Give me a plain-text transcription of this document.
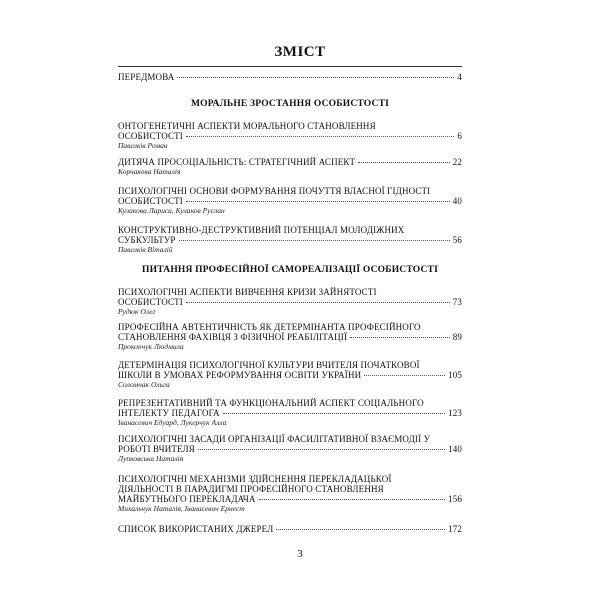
ЗМІСТ
ПЕРЕДМОВА	4
МОРАЛЬНЕ ЗРОСТАННЯ ОСОБИСТОСТІ
ОНТОГЕНЕТИЧНІ АСПЕКТИ МОРАЛЬНОГО СТАНОВЛЕННЯ
ОСОБИСТОСТІ	6
Павелків Роман
ДИТЯЧА ПРОСОЦІАЛЬНІСТЬ: СТРАТЕГІЧНИЙ АСПЕКТ	22
Корчакова Наталія
ПСИХОЛОГІЧНІ ОСНОВИ ФОРМУВАННЯ ПОЧУТТЯ ВЛАСНОЇ ГІДНОСТІ
ОСОБИСТОСТІ	40
Кулакова Лариса, Кулаков Руслан
КОНСТРУКТИВНО-ДЕСТРУКТИВНИЙ ПОТЕНЦІАЛ МОЛОДІЖНИХ
СУБКУЛЬТУР	56
Павелків Віталій
ПИТАННЯ ПРОФЕСІЙНОЇ САМОРЕАЛІЗАЦІЇ ОСОБИСТОСТІ
ПСИХОЛОГІЧНІ АСПЕКТИ ВИВЧЕННЯ КРИЗИ ЗАЙНЯТОСТІ
ОСОБИСТОСТІ	73
Рудюк Олег
ПРОФЕСІЙНА АВТЕНТИЧНІСТЬ ЯК ДЕТЕРМІНАНТА ПРОФЕСІЙНОГО
СТАНОВЛЕННЯ ФАХІВЦЯ З ФІЗИЧНОЇ РЕАБІЛІТАЦІЇ	89
Прокопчук Людмила
ДЕТЕРМІНАЦІЯ ПСИХОЛОГІЧНОЇ КУЛЬТУРИ ВЧИТЕЛЯ ПОЧАТКОВОЇ
ШКОЛИ В УМОВАХ РЕФОРМУВАННЯ ОСВІТИ УКРАЇНИ	105
Соломчак Ольга
РЕПРЕЗЕНТАТИВНИЙ ТА ФУНКЦІОНАЛЬНИЙ АСПЕКТ СОЦІАЛЬНОГО
ІНТЕЛЕКТУ ПЕДАГОГА	123
Іванасевич Едуард, Лукерчук Алла
ПСИХОЛОГІЧНІ ЗАСАДИ ОРГАНІЗАЦІЇ ФАСИЛІТАТИВНОЇ ВЗАЄМОДІЇ У
РОБОТІ ВЧИТЕЛЯ	140
Лупковська Наталія
ПСИХОЛОГІЧНІ МЕХАНІЗМИ ЗДІЙСНЕННЯ ПЕРЕКЛАДАЦЬКОЇ
ДІЯЛЬНОСТІ В ПАРАДИГМІ ПРОФЕСІЙНОГО СТАНОВЛЕННЯ
МАЙБУТНЬОГО ПЕРЕКЛАДАЧА	156
Михальчук Наталія, Іванасевич Ернест
СПИСОК ВИКОРИСТАНИХ ДЖЕРЕЛ	172
3
